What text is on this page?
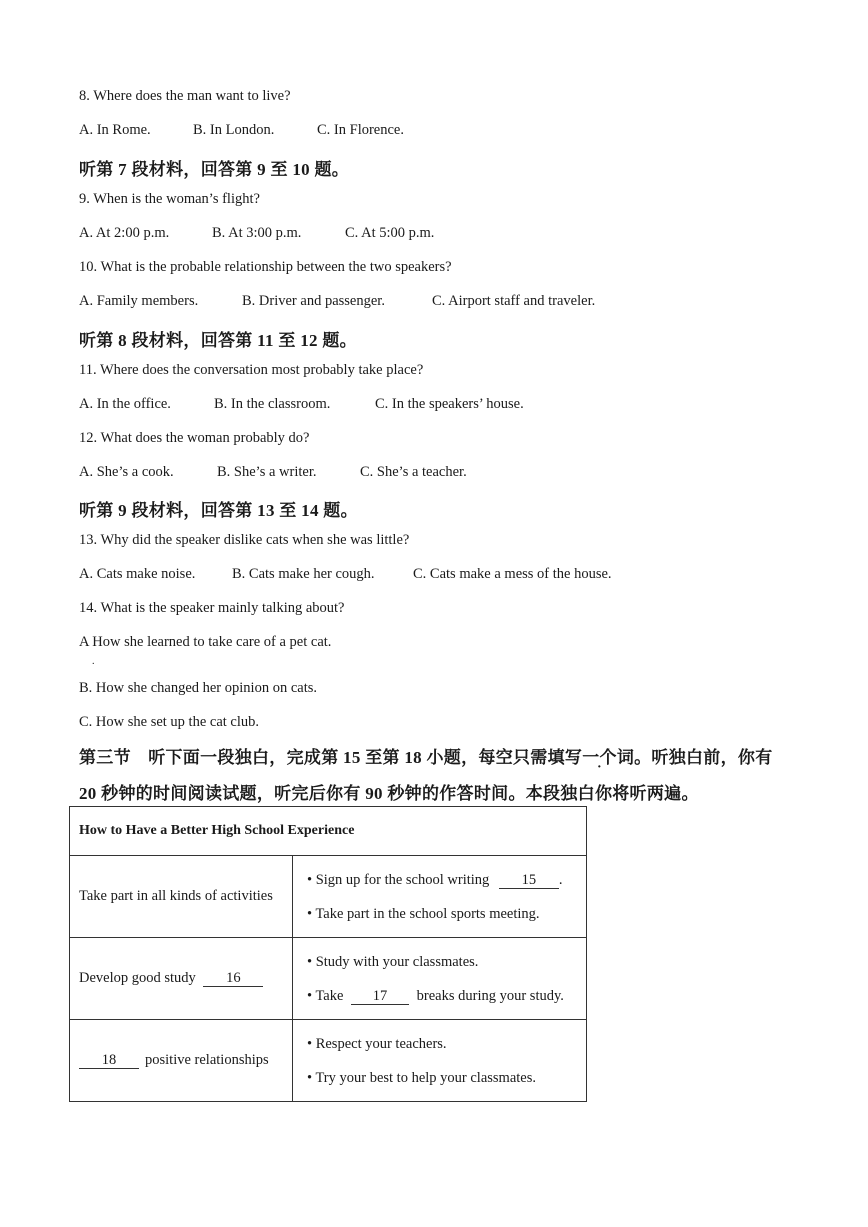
8. Where does the man want to live?
A. In Rome.	B. In London.	C. In Florence.
听第 7 段材料，回答第 9 至 10 题。
9. When is the woman’s flight?
A. At 2:00 p.m.	B. At 3:00 p.m.	C. At 5:00 p.m.
10. What is the probable relationship between the two speakers?
A. Family members.	B. Driver and passenger.	C. Airport staff and traveler.
听第 8 段材料，回答第 11 至 12 题。
11. Where does the conversation most probably take place?
A. In the office.	B. In the classroom.	C. In the speakers’ house.
12. What does the woman probably do?
A. She’s a cook.	B. She’s a writer.	C. She’s a teacher.
听第 9 段材料，回答第 13 至 14 题。
13. Why did the speaker dislike cats when she was little?
A. Cats make noise.	B. Cats make her cough.	C. Cats make a mess of the house.
14. What is the speaker mainly talking about?
A How she learned to take care of a pet cat.
.
B. How she changed her opinion on cats.
C. How she set up the cat club.
第三节　听下面一段独白，完成第 15 至第 18 小题，每空只需填写一个词。听独白前，你有
20 秒钟的时间阅读试题，听完后你有 90 秒钟的作答时间。本段独白你将听两遍。
How to Have a Better High School Experience	
Take part in all kinds of activities	• Sign up for the school writing 15 .
• Take part in the school sports meeting.

Develop good study 16	• Study with your classmates.
• Take 17 breaks during your study.

18 positive relationships	• Respect your teachers.
• Try your best to help your classmates.
